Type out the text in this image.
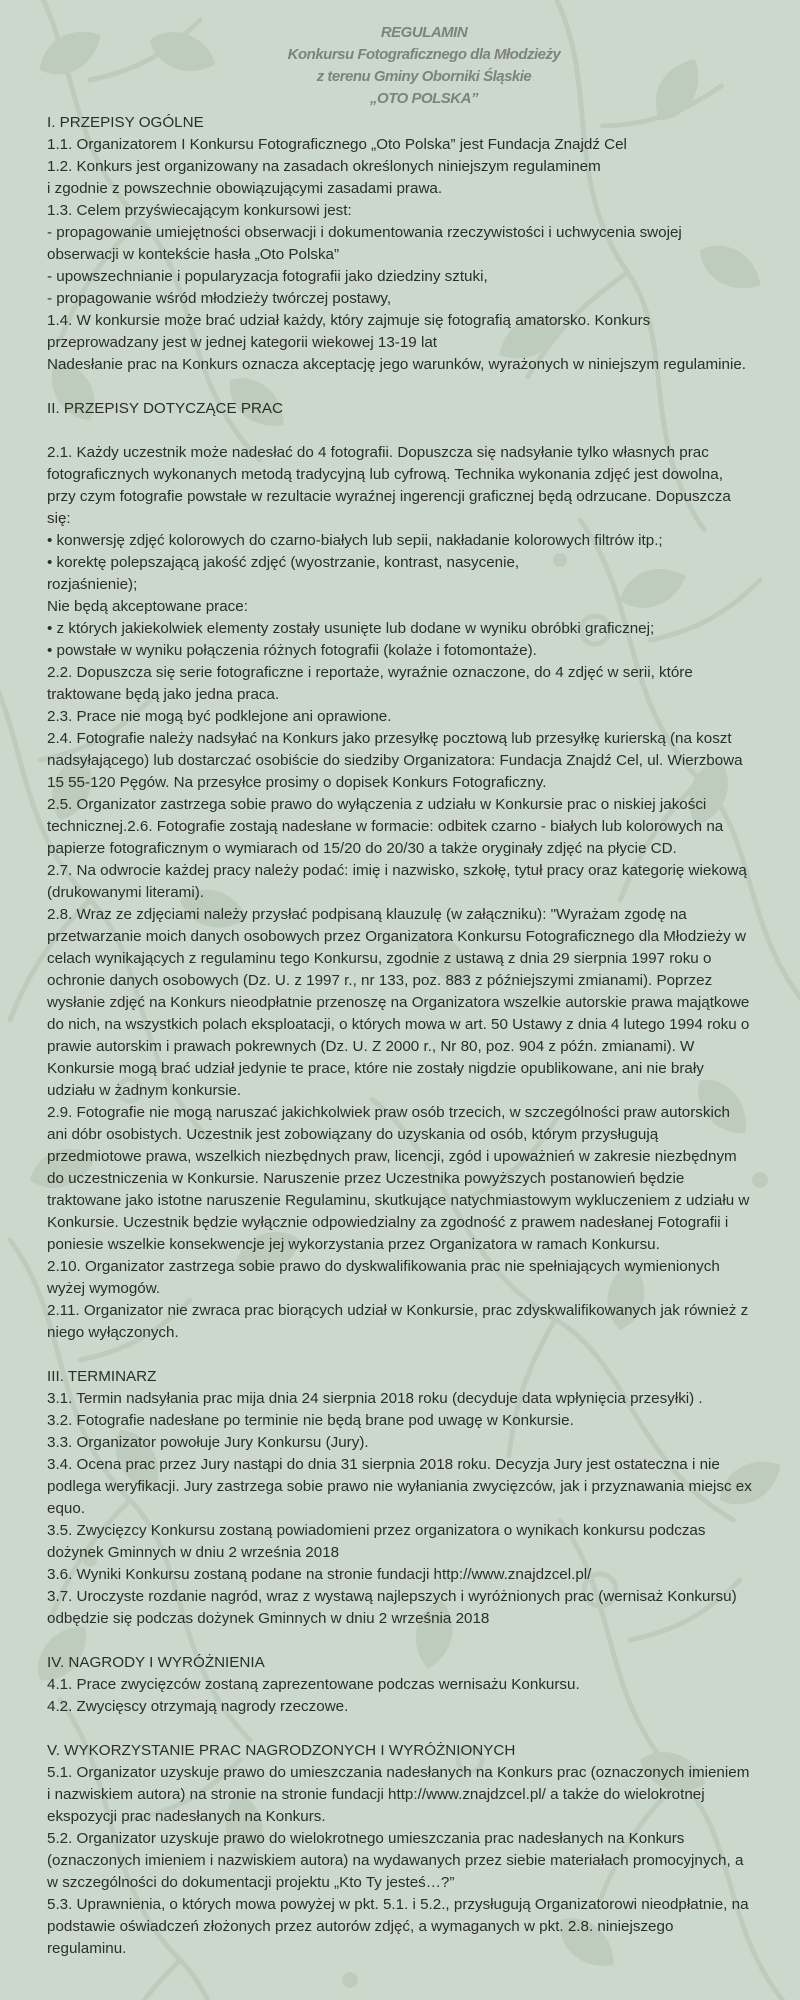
REGULAMIN
Konkursu Fotograficznego dla Młodzieży
z terenu Gminy Oborniki Śląskie
„OTO POLSKA”
I. PRZEPISY OGÓLNE
1.1. Organizatorem I Konkursu Fotograficznego „Oto Polska” jest Fundacja Znajdź Cel
1.2. Konkurs jest organizowany na zasadach określonych niniejszym regulaminem
i zgodnie z powszechnie obowiązującymi zasadami prawa.
1.3. Celem przyświecającym konkursowi jest:
- propagowanie umiejętności obserwacji i dokumentowania rzeczywistości i uchwycenia swojej
obserwacji w kontekście hasła „Oto Polska”
- upowszechnianie i popularyzacja fotografii jako dziedziny sztuki,
- propagowanie wśród młodzieży twórczej postawy,
1.4. W konkursie może brać udział każdy, który zajmuje się fotografią amatorsko. Konkurs
przeprowadzany jest w jednej kategorii wiekowej 13-19 lat
Nadesłanie prac na Konkurs oznacza akceptację jego warunków, wyrażonych w niniejszym regulaminie.
II. PRZEPISY DOTYCZĄCE PRAC
2.1. Każdy uczestnik może nadesłać do 4 fotografii. Dopuszcza się nadsyłanie tylko własnych prac
fotograficznych wykonanych metodą tradycyjną lub cyfrową. Technika wykonania zdjęć jest dowolna,
przy czym fotografie powstałe w rezultacie wyraźnej ingerencji graficznej będą odrzucane. Dopuszcza
się:
• konwersję zdjęć kolorowych do czarno-białych lub sepii, nakładanie kolorowych filtrów itp.;
• korektę polepszającą jakość zdjęć (wyostrzanie, kontrast, nasycenie,
rozjaśnienie);
Nie będą akceptowane prace:
• z których jakiekolwiek elementy zostały usunięte lub dodane w wyniku obróbki graficznej;
• powstałe w wyniku połączenia różnych fotografii (kolaże i fotomontaże).
2.2. Dopuszcza się serie fotograficzne i reportaże, wyraźnie oznaczone, do 4 zdjęć w serii, które
traktowane będą jako jedna praca.
2.3. Prace nie mogą być podklejone ani oprawione.
2.4. Fotografie należy nadsyłać na Konkurs jako przesyłkę pocztową lub przesyłkę kurierską (na koszt
nadsyłającego) lub dostarczać osobiście do siedziby Organizatora: Fundacja Znajdź Cel, ul. Wierzbowa
15 55-120 Pęgów. Na przesyłce prosimy o dopisek Konkurs Fotograficzny.
2.5. Organizator zastrzega sobie prawo do wyłączenia z udziału w Konkursie prac o niskiej jakości
technicznej.2.6. Fotografie zostają nadesłane w formacie: odbitek czarno - białych lub kolorowych na
papierze fotograficznym o wymiarach od 15/20 do 20/30 a także oryginały zdjęć na płycie CD.
2.7. Na odwrocie każdej pracy należy podać: imię i nazwisko, szkołę, tytuł pracy oraz kategorię wiekową
(drukowanymi literami).
2.8. Wraz ze zdjęciami należy przysłać podpisaną klauzulę (w załączniku): "Wyrażam zgodę na
przetwarzanie moich danych osobowych przez Organizatora Konkursu Fotograficznego dla Młodzieży w
celach wynikających z regulaminu tego Konkursu, zgodnie z ustawą z dnia 29 sierpnia 1997 roku o
ochronie danych osobowych (Dz. U. z 1997 r., nr 133, poz. 883 z późniejszymi zmianami). Poprzez
wysłanie zdjęć na Konkurs nieodpłatnie przenoszę na Organizatora wszelkie autorskie prawa majątkowe
do nich, na wszystkich polach eksploatacji, o których mowa w art. 50 Ustawy z dnia 4 lutego 1994 roku o
prawie autorskim i prawach pokrewnych (Dz. U. Z 2000 r., Nr 80, poz. 904 z późn. zmianami). W
Konkursie mogą brać udział jedynie te prace, które nie zostały nigdzie opublikowane, ani nie brały
udziału w żadnym konkursie.
2.9. Fotografie nie mogą naruszać jakichkolwiek praw osób trzecich, w szczególności praw autorskich
ani dóbr osobistych. Uczestnik jest zobowiązany do uzyskania od osób, którym przysługują
przedmiotowe prawa, wszelkich niezbędnych praw, licencji, zgód i upoważnień w zakresie niezbędnym
do uczestniczenia w Konkursie. Naruszenie przez Uczestnika powyższych postanowień będzie
traktowane jako istotne naruszenie Regulaminu, skutkujące natychmiastowym wykluczeniem z udziału w
Konkursie. Uczestnik będzie wyłącznie odpowiedzialny za zgodność z prawem nadesłanej Fotografii i
poniesie wszelkie konsekwencje jej wykorzystania przez Organizatora w ramach Konkursu.
2.10. Organizator zastrzega sobie prawo do dyskwalifikowania prac nie spełniających wymienionych
wyżej wymogów.
2.11. Organizator nie zwraca prac biorących udział w Konkursie, prac zdyskwalifikowanych jak również z
niego wyłączonych.
III. TERMINARZ
3.1. Termin nadsyłania prac mija dnia 24 sierpnia 2018 roku (decyduje data wpłynięcia przesyłki) .
3.2. Fotografie nadesłane po terminie nie będą brane pod uwagę w Konkursie.
3.3. Organizator powołuje Jury Konkursu (Jury).
3.4. Ocena prac przez Jury nastąpi do dnia 31 sierpnia 2018 roku. Decyzja Jury jest ostateczna i nie
podlega weryfikacji. Jury zastrzega sobie prawo nie wyłaniania zwycięzców, jak i przyznawania miejsc ex
equo.
3.5. Zwycięzcy Konkursu zostaną powiadomieni przez organizatora o wynikach konkursu podczas
dożynek Gminnych w dniu 2 września 2018
3.6. Wyniki Konkursu zostaną podane na stronie fundacji http://www.znajdzcel.pl/
3.7. Uroczyste rozdanie nagród, wraz z wystawą najlepszych i wyróżnionych prac (wernisaż Konkursu)
odbędzie się podczas dożynek Gminnych w dniu 2 września 2018
IV. NAGRODY I WYRÓŻNIENIA
4.1. Prace zwycięzców zostaną zaprezentowane podczas wernisażu Konkursu.
4.2. Zwycięscy otrzymają nagrody rzeczowe.
V. WYKORZYSTANIE PRAC NAGRODZONYCH I WYRÓŻNIONYCH
5.1. Organizator uzyskuje prawo do umieszczania nadesłanych na Konkurs prac (oznaczonych imieniem
i nazwiskiem autora) na stronie na stronie fundacji http://www.znajdzcel.pl/ a także do wielokrotnej
ekspozycji prac nadesłanych na Konkurs.
5.2. Organizator uzyskuje prawo do wielokrotnego umieszczania prac nadesłanych na Konkurs
(oznaczonych imieniem i nazwiskiem autora) na wydawanych przez siebie materiałach promocyjnych, a
w szczególności do dokumentacji projektu „Kto Ty jesteś…?”
5.3. Uprawnienia, o których mowa powyżej w pkt. 5.1. i 5.2., przysługują Organizatorowi nieodpłatnie, na
podstawie oświadczeń złożonych przez autorów zdjęć, a wymaganych w pkt. 2.8. niniejszego
regulaminu.
